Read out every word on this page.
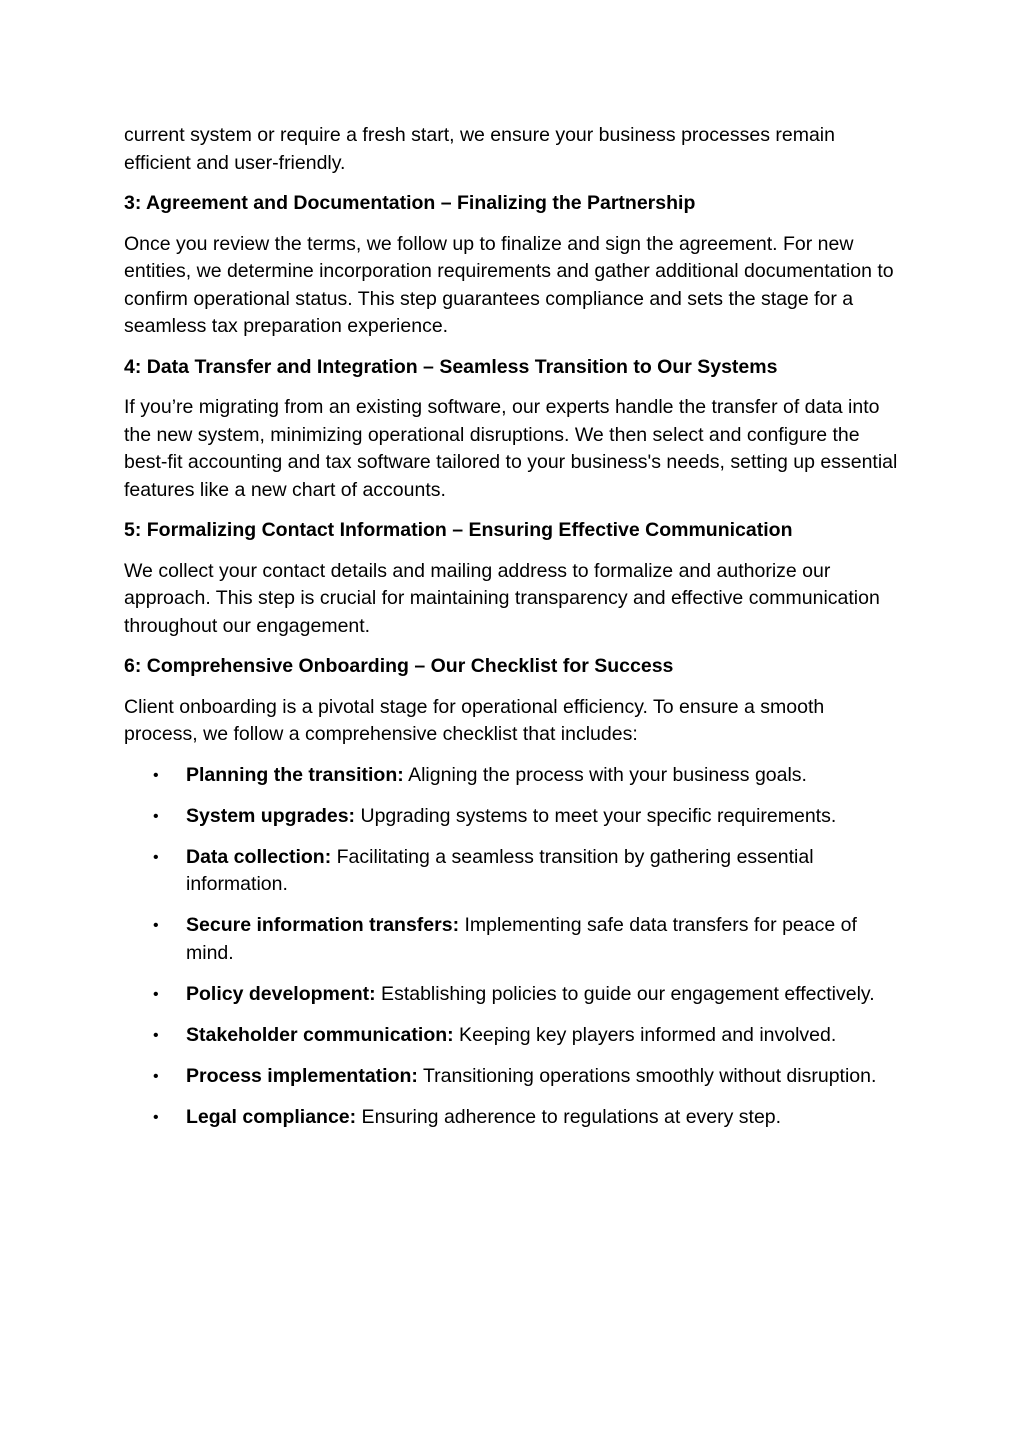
current system or require a fresh start, we ensure your business processes remain efficient and user-friendly.

3: Agreement and Documentation – Finalizing the Partnership

Once you review the terms, we follow up to finalize and sign the agreement. For new entities, we determine incorporation requirements and gather additional documentation to confirm operational status. This step guarantees compliance and sets the stage for a seamless tax preparation experience.

4: Data Transfer and Integration – Seamless Transition to Our Systems

If you’re migrating from an existing software, our experts handle the transfer of data into the new system, minimizing operational disruptions. We then select and configure the best-fit accounting and tax software tailored to your business's needs, setting up essential features like a new chart of accounts.

5: Formalizing Contact Information – Ensuring Effective Communication

We collect your contact details and mailing address to formalize and authorize our approach. This step is crucial for maintaining transparency and effective communication throughout our engagement.

6: Comprehensive Onboarding – Our Checklist for Success

Client onboarding is a pivotal stage for operational efficiency. To ensure a smooth process, we follow a comprehensive checklist that includes:

• Planning the transition: Aligning the process with your business goals.
• System upgrades: Upgrading systems to meet your specific requirements.
• Data collection: Facilitating a seamless transition by gathering essential information.
• Secure information transfers: Implementing safe data transfers for peace of mind.
• Policy development: Establishing policies to guide our engagement effectively.
• Stakeholder communication: Keeping key players informed and involved.
• Process implementation: Transitioning operations smoothly without disruption.
• Legal compliance: Ensuring adherence to regulations at every step.
